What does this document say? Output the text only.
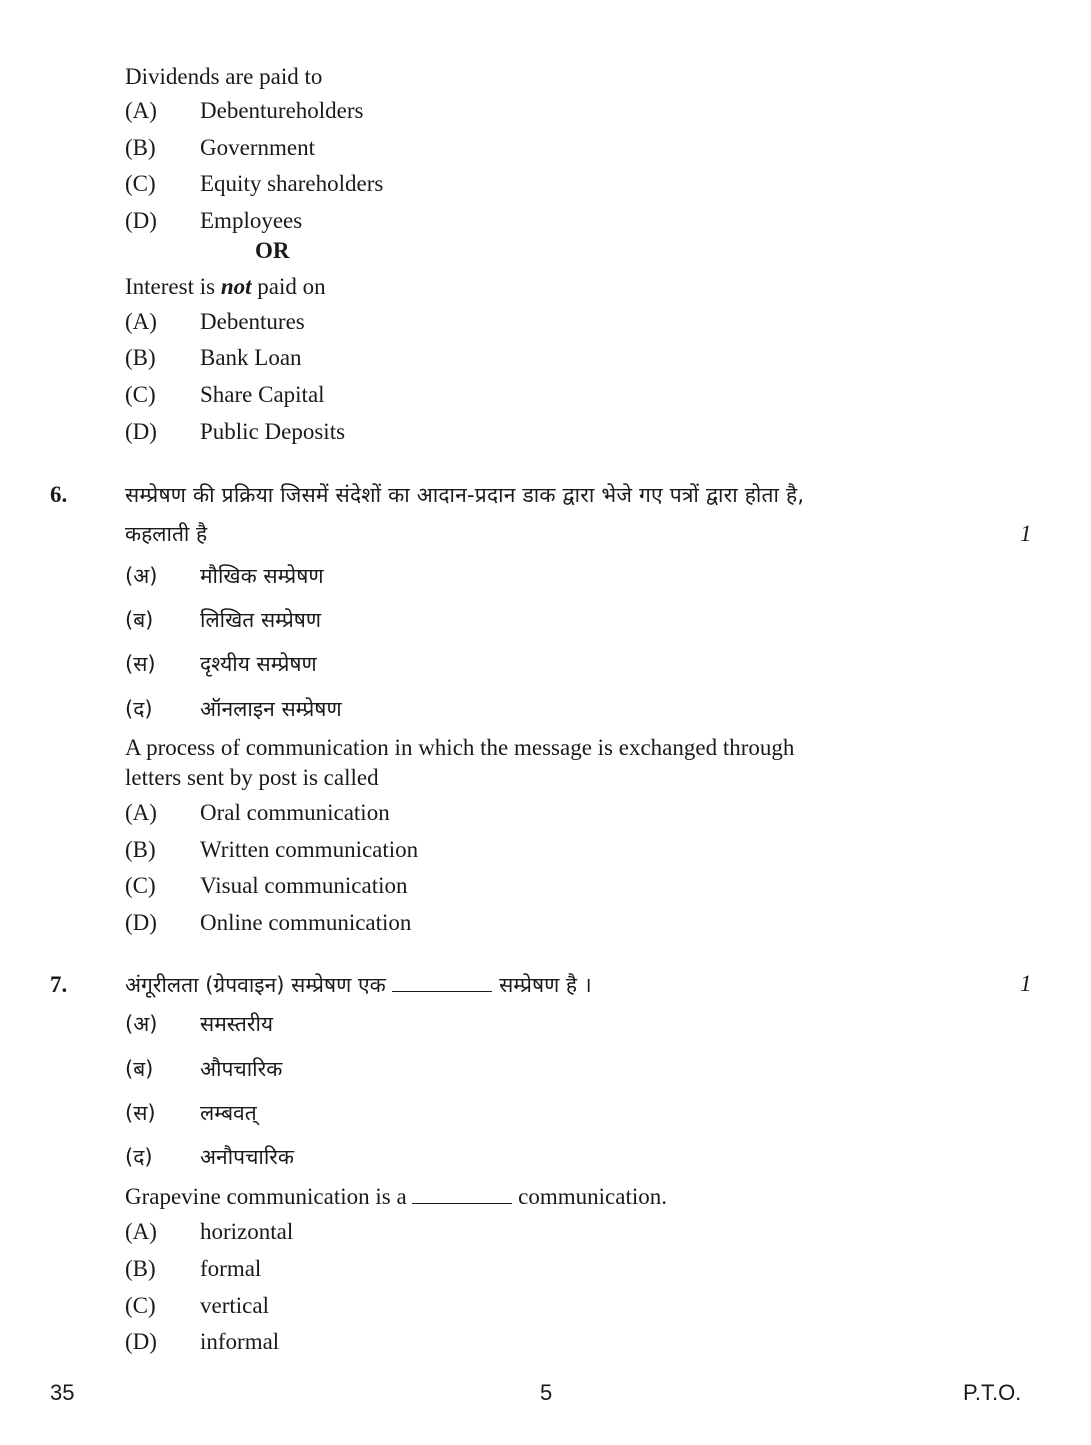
Dividends are paid to
(A) Debentureholders
(B) Government
(C) Equity shareholders
(D) Employees
OR
Interest is not paid on
(A) Debentures
(B) Bank Loan
(C) Share Capital
(D) Public Deposits
6.	सम्प्रेषण की प्रक्रिया जिसमें संदेशों का आदान-प्रदान डाक द्वारा भेजे गए पत्रों द्वारा होता है,
कहलाती है	1
(अ) मौखिक सम्प्रेषण
(ब) लिखित सम्प्रेषण
(स) दृश्यीय सम्प्रेषण
(द) ऑनलाइन सम्प्रेषण
A process of communication in which the message is exchanged through
letters sent by post is called
(A) Oral communication
(B) Written communication
(C) Visual communication
(D) Online communication
7.	अंगूरीलता (ग्रेपवाइन) सम्प्रेषण एक	सम्प्रेषण है ।	1
(अ) समस्तरीय
(ब) औपचारिक
(स) लम्बवत्
(द) अनौपचारिक
Grapevine communication is a	communication.
(A) horizontal
(B) formal
(C) vertical
(D) informal
35	5	P.T.O.
